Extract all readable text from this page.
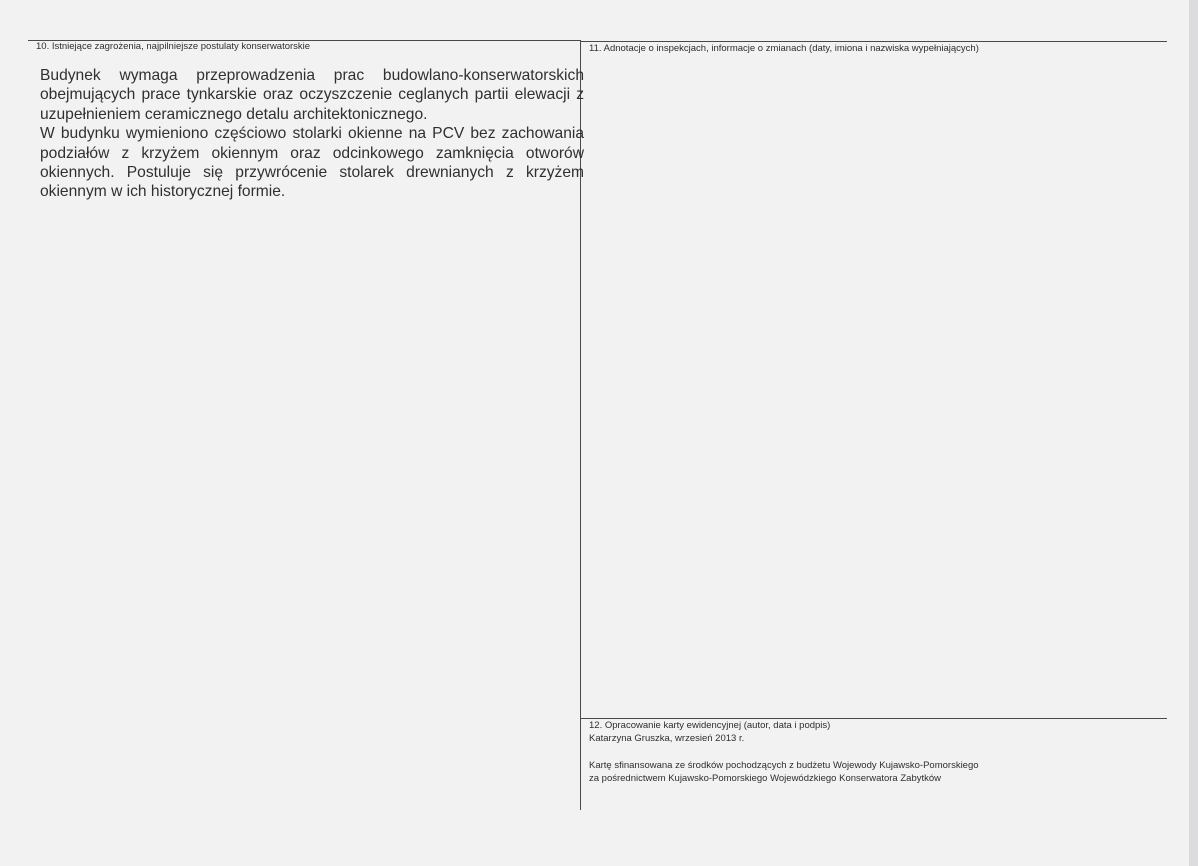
10. Istniejące zagrożenia, najpilniejsze postulaty konserwatorskie

Budynek wymaga przeprowadzenia prac budowlano-konserwatorskich obejmujących prace tynkarskie oraz oczyszczenie ceglanych partii elewacji z uzupełnieniem ceramicznego detalu architektonicznego.

W budynku wymieniono częściowo stolarki okienne na PCV bez zachowania podziałów z krzyżem okiennym oraz odcinkowego zamknięcia otworów okiennych. Postuluje się przywrócenie stolarek drewnianych z krzyżem okiennym w ich historycznej formie.

11. Adnotacje o inspekcjach, informacje o zmianach (daty, imiona i nazwiska wypełniających)
12. Opracowanie karty ewidencyjnej (autor, data i podpis)
Katarzyna Gruszka, wrzesień 2013 r.
Kartę sfinansowana ze środków pochodzących z budżetu Wojewody Kujawsko-Pomorskiego
za pośrednictwem Kujawsko-Pomorskiego Wojewódzkiego Konserwatora Zabytków
